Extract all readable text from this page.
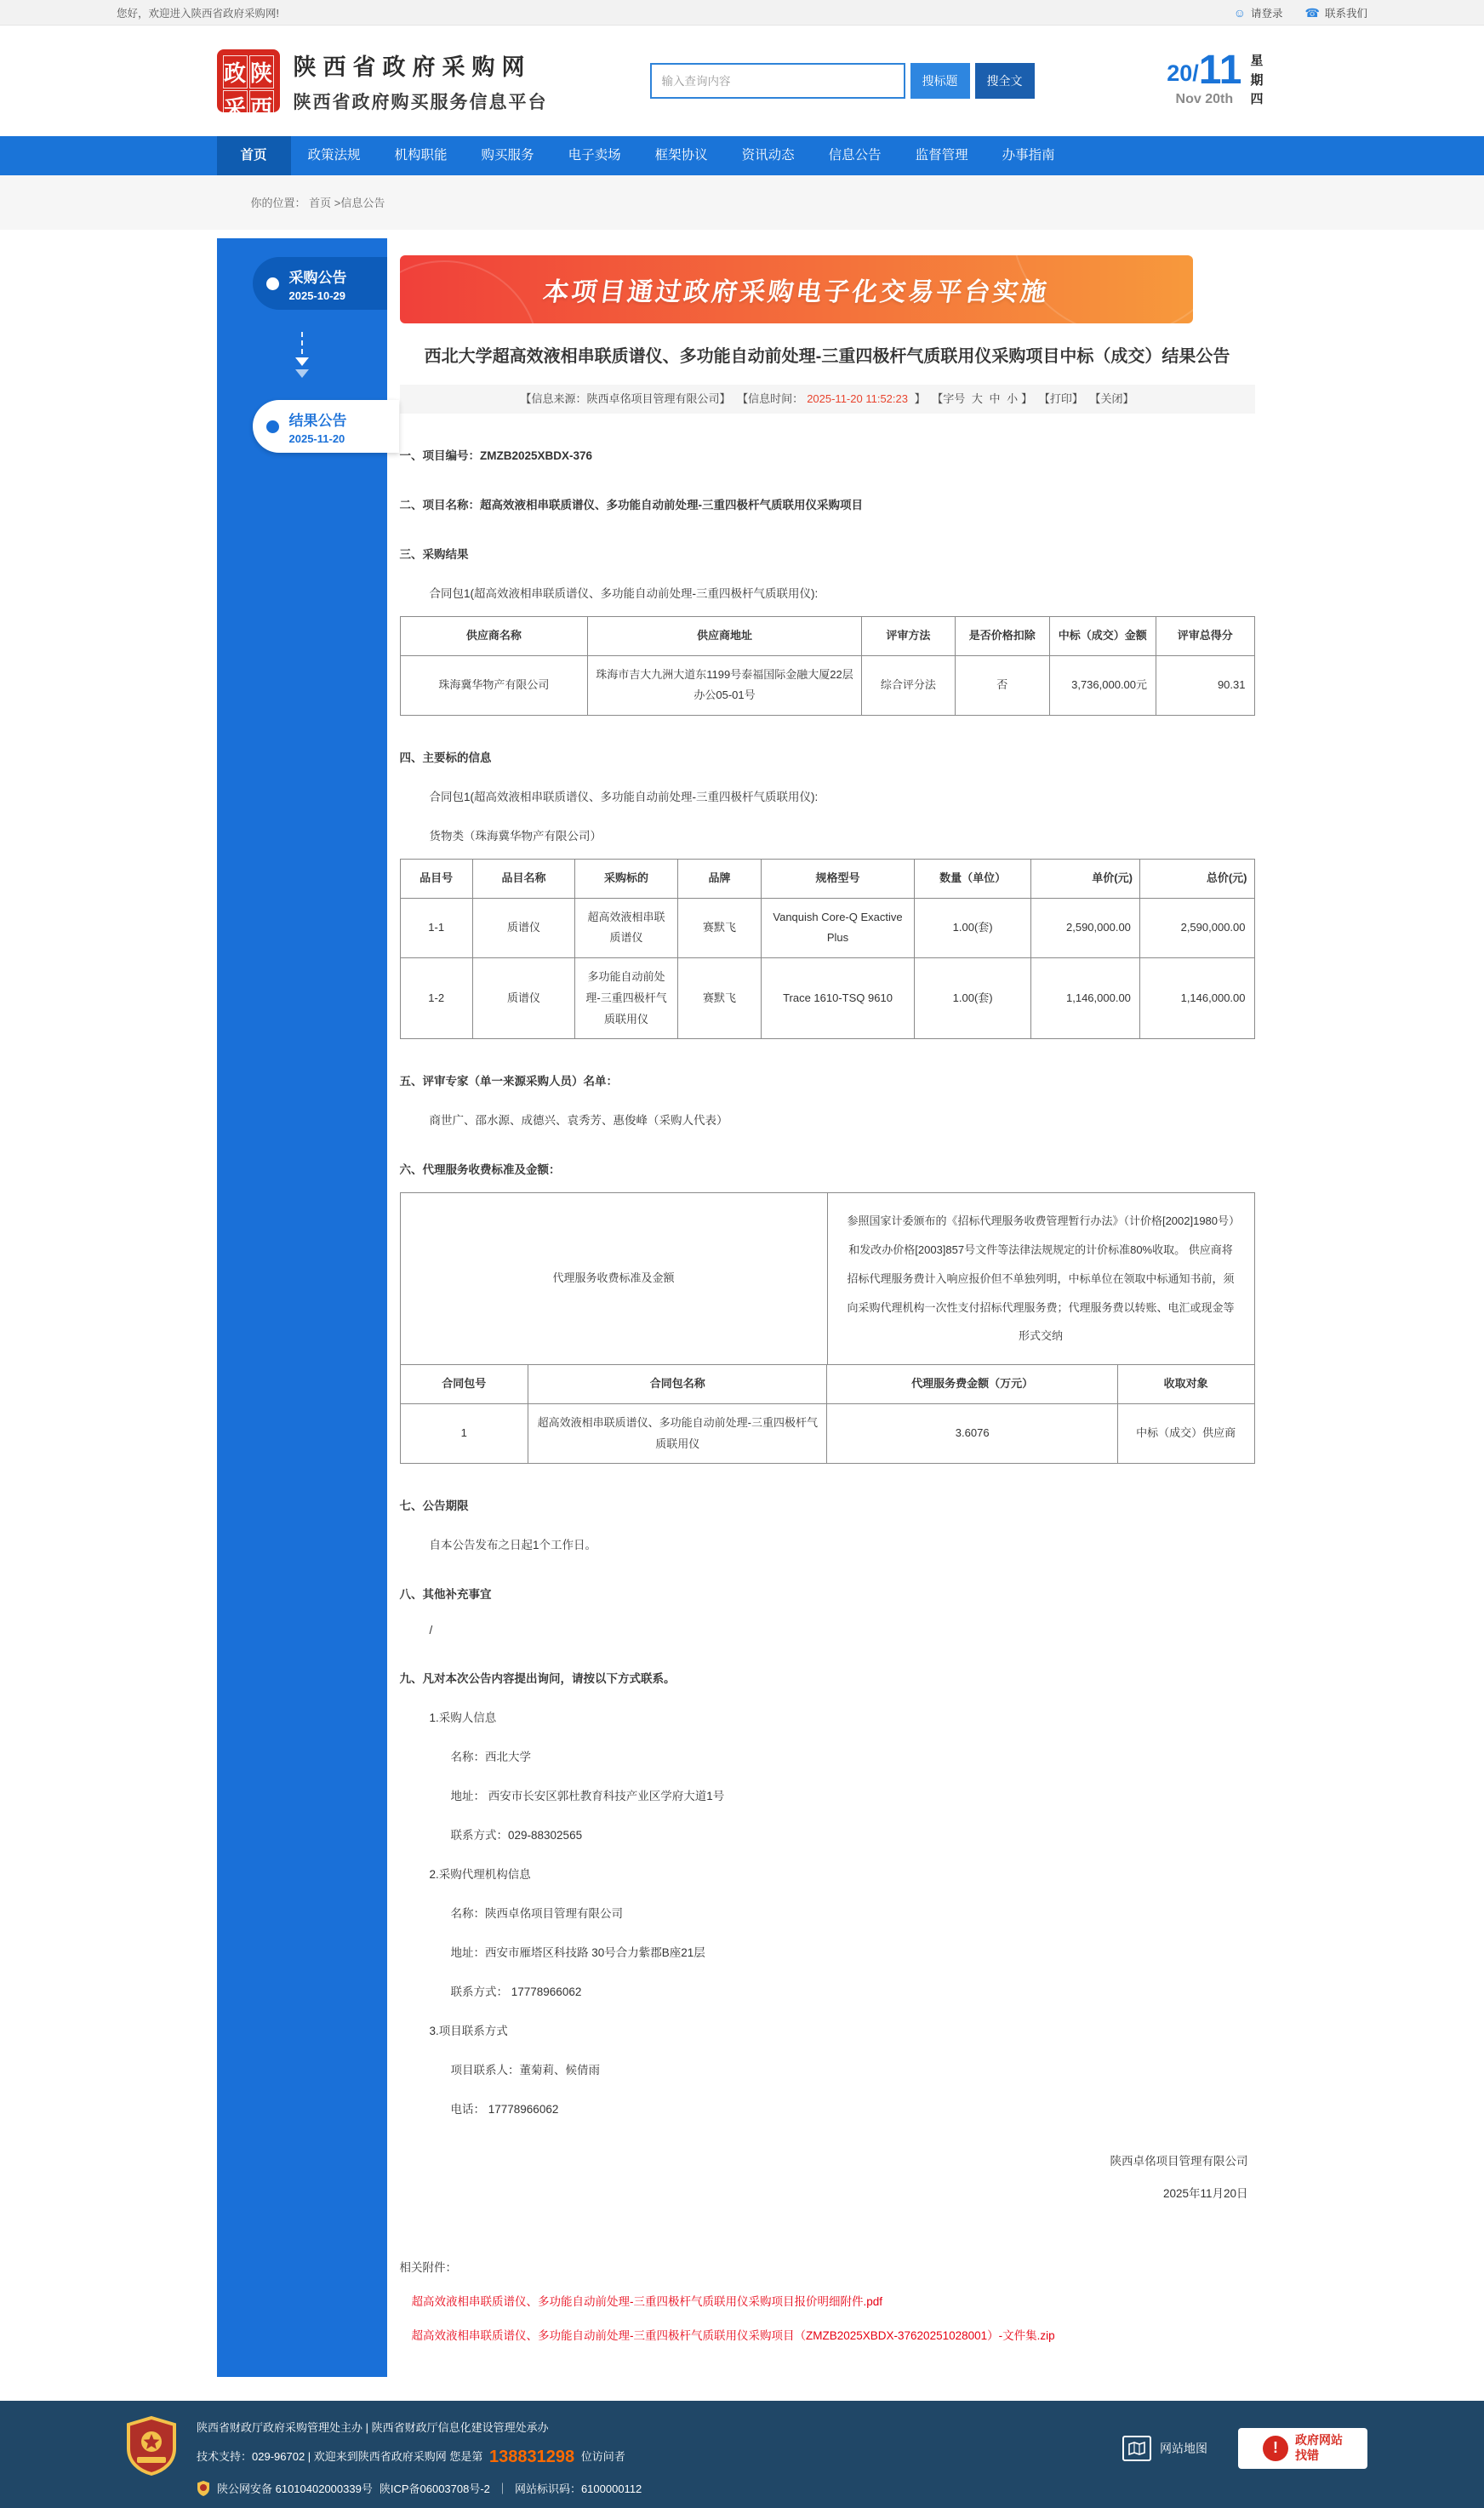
您好，欢迎进入陕西省政府采购网!	☺ 请登录 ☎ 联系我们
政 陕
采 西
陕西省政府采购网
陕西省政府购买服务信息平台
输入查询内容
搜标题	搜全文	20 / 11
Nov 20th
星期四
首页	政策法规	机构职能	购买服务	电子卖场	框架协议	资讯动态	信息公告	监督管理	办事指南
你的位置： 首页 >信息公告
采购公告
2025-10-29
结果公告
2025-11-20
本项目通过政府采购电子化交易平台实施
西北大学超高效液相串联质谱仪、多功能自动前处理-三重四极杆气质联用仪采购项目中标（成交）结果公告
【信息来源：陕西卓佲项目管理有限公司】 【信息时间： 2025-11-20 11:52:23 】 【字号 大 中 小 】 【打印】 【关闭】
一、项目编号：ZMZB2025XBDX-376
二、项目名称：超高效液相串联质谱仪、多功能自动前处理-三重四极杆气质联用仪采购项目
三、采购结果
合同包1(超高效液相串联质谱仪、多功能自动前处理-三重四极杆气质联用仪):
供应商名称	供应商地址	评审方法	是否价格扣除	中标（成交）金额	评审总得分
珠海冀华物产有限公司	珠海市吉大九洲大道东1199号泰福国际金融大厦22层办公05-01号	综合评分法	否	3,736,000.00元	90.31
四、主要标的信息
合同包1(超高效液相串联质谱仪、多功能自动前处理-三重四极杆气质联用仪):
货物类（珠海冀华物产有限公司）
品目号	品目名称	采购标的	品牌	规格型号	数量（单位）	单价(元)	总价(元)
1-1	质谱仪	超高效液相串联质谱仪	赛默飞	Vanquish Core-Q Exactive Plus	1.00(套)	2,590,000.00	2,590,000.00
1-2	质谱仪	多功能自动前处理-三重四极杆气质联用仪	赛默飞	Trace 1610-TSQ 9610	1.00(套)	1,146,000.00	1,146,000.00
五、评审专家（单一来源采购人员）名单：
商世广、邵水源、成德兴、袁秀芳、惠俊峰（采购人代表）
六、代理服务收费标准及金额：
代理服务收费标准及金额	参照国家计委颁布的《招标代理服务收费管理暂行办法》（计价格[2002]1980号）和发改办价格[2003]857号文件等法律法规规定的计价标准80%收取。 供应商将招标代理服务费计入响应报价但不单独列明，中标单位在领取中标通知书前，须向采购代理机构一次性支付招标代理服务费；代理服务费以转账、电汇或现金等形式交纳
合同包号	合同包名称	代理服务费金额（万元）	收取对象
1	超高效液相串联质谱仪、多功能自动前处理-三重四极杆气质联用仪	3.6076	中标（成交）供应商
七、公告期限
自本公告发布之日起1个工作日。
八、其他补充事宜
/
九、凡对本次公告内容提出询问，请按以下方式联系。
1.采购人信息
名称：西北大学
地址： 西安市长安区郭杜教育科技产业区学府大道1号
联系方式：029-88302565
2.采购代理机构信息
名称：陕西卓佲项目管理有限公司
地址：西安市雁塔区科技路 30号合力紫郡B座21层
联系方式： 17778966062
3.项目联系方式
项目联系人：董菊莉、候倩雨
电话： 17778966062
陕西卓佲项目管理有限公司
2025年11月20日
相关附件：
超高效液相串联质谱仪、多功能自动前处理-三重四极杆气质联用仪采购项目报价明细附件.pdf
超高效液相串联质谱仪、多功能自动前处理-三重四极杆气质联用仪采购项目（ZMZB2025XBDX-37620251028001）-文件集.zip
陕西省财政厅政府采购管理处主办 | 陕西省财政厅信息化建设管理处承办
技术支持：029-96702 | 欢迎来到陕西省政府采购网 您是第 138831298 位访问者
陕公网安备 61010402000339号 陕ICP备06003708号-2 ｜ 网站标识码：6100000112
网站地图	!	政府网站
找错
